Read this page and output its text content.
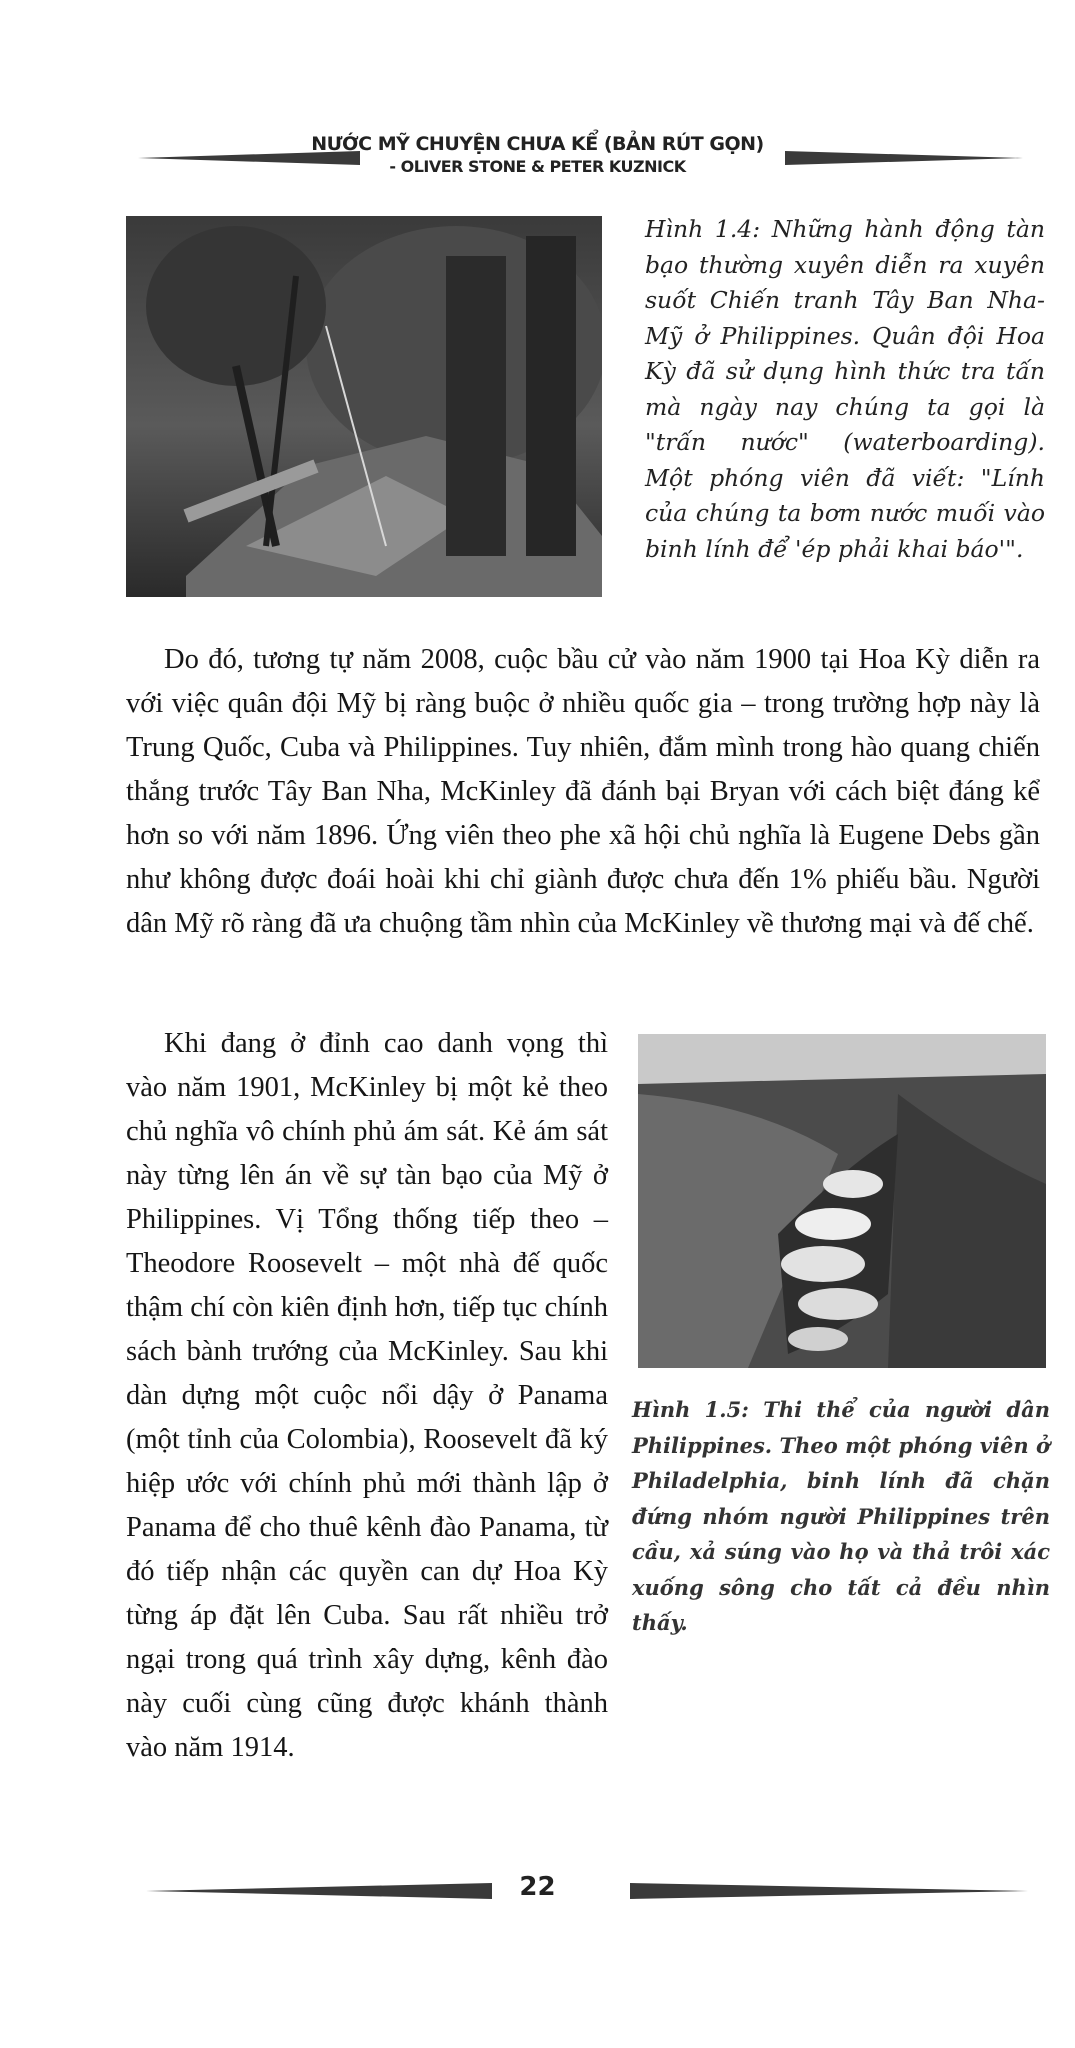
NƯỚC MỸ CHUYỆN CHƯA KỂ (BẢN RÚT GỌN)
- OLIVER STONE & PETER KUZNICK
Hình 1.4: Những hành động tàn bạo thường xuyên diễn ra xuyên suốt Chiến tranh Tây Ban Nha-Mỹ ở Philippines. Quân đội Hoa Kỳ đã sử dụng hình thức tra tấn mà ngày nay chúng ta gọi là "trấn nước" (waterboarding). Một phóng viên đã viết: "Lính của chúng ta bơm nước muối vào binh lính để 'ép phải khai báo'".
Do đó, tương tự năm 2008, cuộc bầu cử vào năm 1900 tại Hoa Kỳ diễn ra với việc quân đội Mỹ bị ràng buộc ở nhiều quốc gia – trong trường hợp này là Trung Quốc, Cuba và Philippines. Tuy nhiên, đắm mình trong hào quang chiến thắng trước Tây Ban Nha, McKinley đã đánh bại Bryan với cách biệt đáng kể hơn so với năm 1896. Ứng viên theo phe xã hội chủ nghĩa là Eugene Debs gần như không được đoái hoài khi chỉ giành được chưa đến 1% phiếu bầu. Người dân Mỹ rõ ràng đã ưa chuộng tầm nhìn của McKinley về thương mại và đế chế.
Khi đang ở đỉnh cao danh vọng thì vào năm 1901, McKinley bị một kẻ theo chủ nghĩa vô chính phủ ám sát. Kẻ ám sát này từng lên án về sự tàn bạo của Mỹ ở Philippines. Vị Tổng thống tiếp theo – Theodore Roosevelt – một nhà đế quốc thậm chí còn kiên định hơn, tiếp tục chính sách bành trướng của McKinley. Sau khi dàn dựng một cuộc nổi dậy ở Panama (một tỉnh của Colombia), Roosevelt đã ký hiệp ước với chính phủ mới thành lập ở Panama để cho thuê kênh đào Panama, từ đó tiếp nhận các quyền can dự Hoa Kỳ từng áp đặt lên Cuba. Sau rất nhiều trở ngại trong quá trình xây dựng, kênh đào này cuối cùng cũng được khánh thành vào năm 1914.
Hình 1.5: Thi thể của người dân Philippines. Theo một phóng viên ở Philadelphia, binh lính đã chặn đứng nhóm người Philippines trên cầu, xả súng vào họ và thả trôi xác xuống sông cho tất cả đều nhìn thấy.
22
